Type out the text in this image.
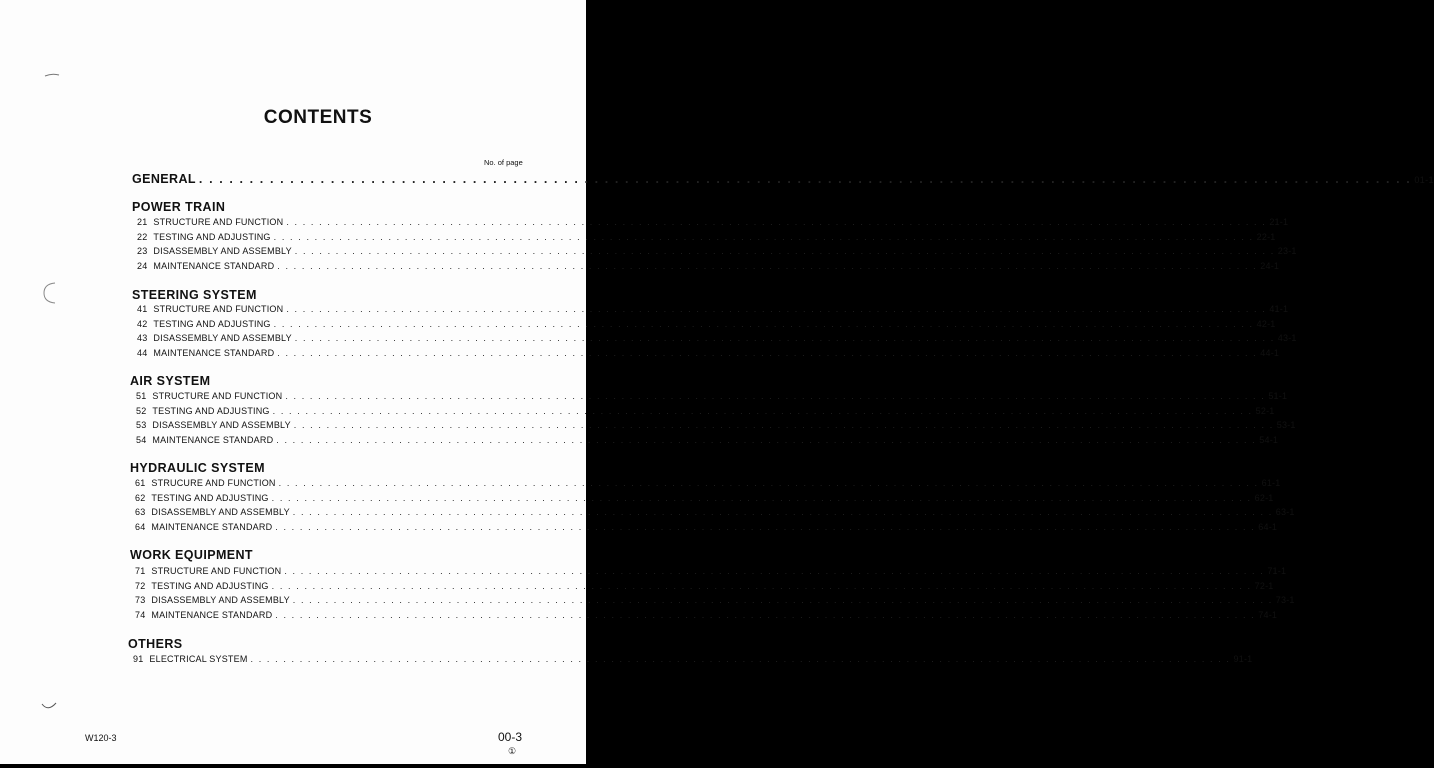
CONTENTS
No. of page
GENERAL . . . . . . . . . . . . . . . . . . . . . . . . . . . . . . . . . . . . . . . . . . . . . . . . . . . . . . . . . . . . . . . . . . . . . . . . . . . . . . . . . . . . . . . . . . . . . . . . . . . . . . . . . . . . . . . . . . . . . . . . 01-1
POWER TRAIN
21 STRUCTURE AND FUNCTION . . . . . . . . . . . . . . . . . . . . . . . . . . . . . . . . . . . . . . . . . . . . . . . . . . . . . . . . . . . . . . . . . . . . . . . . . . . . . . . . . . . . . . . . . . . . . . . . . . . . . . . . . . . . . . . . . . . . . . . . 21-1
22 TESTING AND ADJUSTING . . . . . . . . . . . . . . . . . . . . . . . . . . . . . . . . . . . . . . . . . . . . . . . . . . . . . . . . . . . . . . . . . . . . . . . . . . . . . . . . . . . . . . . . . . . . . . . . . . . . . . . . . . . . . . . . . . . . . . . . 22-1
23 DISASSEMBLY AND ASSEMBLY . . . . . . . . . . . . . . . . . . . . . . . . . . . . . . . . . . . . . . . . . . . . . . . . . . . . . . . . . . . . . . . . . . . . . . . . . . . . . . . . . . . . . . . . . . . . . . . . . . . . . . . . . . . . . . . . . . . . . . . . 23-1
24 MAINTENANCE STANDARD . . . . . . . . . . . . . . . . . . . . . . . . . . . . . . . . . . . . . . . . . . . . . . . . . . . . . . . . . . . . . . . . . . . . . . . . . . . . . . . . . . . . . . . . . . . . . . . . . . . . . . . . . . . . . . . . . . . . . . . . 24-1
STEERING SYSTEM
41 STRUCTURE AND FUNCTION . . . . . . . . . . . . . . . . . . . . . . . . . . . . . . . . . . . . . . . . . . . . . . . . . . . . . . . . . . . . . . . . . . . . . . . . . . . . . . . . . . . . . . . . . . . . . . . . . . . . . . . . . . . . . . . . . . . . . . . . 41-1
42 TESTING AND ADJUSTING . . . . . . . . . . . . . . . . . . . . . . . . . . . . . . . . . . . . . . . . . . . . . . . . . . . . . . . . . . . . . . . . . . . . . . . . . . . . . . . . . . . . . . . . . . . . . . . . . . . . . . . . . . . . . . . . . . . . . . . . 42-1
43 DISASSEMBLY AND ASSEMBLY . . . . . . . . . . . . . . . . . . . . . . . . . . . . . . . . . . . . . . . . . . . . . . . . . . . . . . . . . . . . . . . . . . . . . . . . . . . . . . . . . . . . . . . . . . . . . . . . . . . . . . . . . . . . . . . . . . . . . . . . 43-1
44 MAINTENANCE STANDARD . . . . . . . . . . . . . . . . . . . . . . . . . . . . . . . . . . . . . . . . . . . . . . . . . . . . . . . . . . . . . . . . . . . . . . . . . . . . . . . . . . . . . . . . . . . . . . . . . . . . . . . . . . . . . . . . . . . . . . . . 44-1
AIR SYSTEM
51 STRUCTURE AND FUNCTION . . . . . . . . . . . . . . . . . . . . . . . . . . . . . . . . . . . . . . . . . . . . . . . . . . . . . . . . . . . . . . . . . . . . . . . . . . . . . . . . . . . . . . . . . . . . . . . . . . . . . . . . . . . . . . . . . . . . . . . . 51-1
52 TESTING AND ADJUSTING . . . . . . . . . . . . . . . . . . . . . . . . . . . . . . . . . . . . . . . . . . . . . . . . . . . . . . . . . . . . . . . . . . . . . . . . . . . . . . . . . . . . . . . . . . . . . . . . . . . . . . . . . . . . . . . . . . . . . . . . 52-1
53 DISASSEMBLY AND ASSEMBLY . . . . . . . . . . . . . . . . . . . . . . . . . . . . . . . . . . . . . . . . . . . . . . . . . . . . . . . . . . . . . . . . . . . . . . . . . . . . . . . . . . . . . . . . . . . . . . . . . . . . . . . . . . . . . . . . . . . . . . . . 53-1
54 MAINTENANCE STANDARD . . . . . . . . . . . . . . . . . . . . . . . . . . . . . . . . . . . . . . . . . . . . . . . . . . . . . . . . . . . . . . . . . . . . . . . . . . . . . . . . . . . . . . . . . . . . . . . . . . . . . . . . . . . . . . . . . . . . . . . . 54-1
HYDRAULIC SYSTEM
61 STRUCURE AND FUNCTION . . . . . . . . . . . . . . . . . . . . . . . . . . . . . . . . . . . . . . . . . . . . . . . . . . . . . . . . . . . . . . . . . . . . . . . . . . . . . . . . . . . . . . . . . . . . . . . . . . . . . . . . . . . . . . . . . . . . . . . . 61-1
62 TESTING AND ADJUSTING . . . . . . . . . . . . . . . . . . . . . . . . . . . . . . . . . . . . . . . . . . . . . . . . . . . . . . . . . . . . . . . . . . . . . . . . . . . . . . . . . . . . . . . . . . . . . . . . . . . . . . . . . . . . . . . . . . . . . . . . 62-1
63 DISASSEMBLY AND ASSEMBLY . . . . . . . . . . . . . . . . . . . . . . . . . . . . . . . . . . . . . . . . . . . . . . . . . . . . . . . . . . . . . . . . . . . . . . . . . . . . . . . . . . . . . . . . . . . . . . . . . . . . . . . . . . . . . . . . . . . . . . . . 63-1
64 MAINTENANCE STANDARD . . . . . . . . . . . . . . . . . . . . . . . . . . . . . . . . . . . . . . . . . . . . . . . . . . . . . . . . . . . . . . . . . . . . . . . . . . . . . . . . . . . . . . . . . . . . . . . . . . . . . . . . . . . . . . . . . . . . . . . . 64-1
WORK EQUIPMENT
71 STRUCTURE AND FUNCTION . . . . . . . . . . . . . . . . . . . . . . . . . . . . . . . . . . . . . . . . . . . . . . . . . . . . . . . . . . . . . . . . . . . . . . . . . . . . . . . . . . . . . . . . . . . . . . . . . . . . . . . . . . . . . . . . . . . . . . . . 71-1
72 TESTING AND ADJUSTING . . . . . . . . . . . . . . . . . . . . . . . . . . . . . . . . . . . . . . . . . . . . . . . . . . . . . . . . . . . . . . . . . . . . . . . . . . . . . . . . . . . . . . . . . . . . . . . . . . . . . . . . . . . . . . . . . . . . . . . . 72-1
73 DISASSEMBLY AND ASSEMBLY . . . . . . . . . . . . . . . . . . . . . . . . . . . . . . . . . . . . . . . . . . . . . . . . . . . . . . . . . . . . . . . . . . . . . . . . . . . . . . . . . . . . . . . . . . . . . . . . . . . . . . . . . . . . . . . . . . . . . . . . 73-1
74 MAINTENANCE STANDARD . . . . . . . . . . . . . . . . . . . . . . . . . . . . . . . . . . . . . . . . . . . . . . . . . . . . . . . . . . . . . . . . . . . . . . . . . . . . . . . . . . . . . . . . . . . . . . . . . . . . . . . . . . . . . . . . . . . . . . . . 74-1
OTHERS
91 ELECTRICAL SYSTEM . . . . . . . . . . . . . . . . . . . . . . . . . . . . . . . . . . . . . . . . . . . . . . . . . . . . . . . . . . . . . . . . . . . . . . . . . . . . . . . . . . . . . . . . . . . . . . . . . . . . . . . . . . . . . . . . . . . . . . . . 91-1
W120-3	00-3
①
